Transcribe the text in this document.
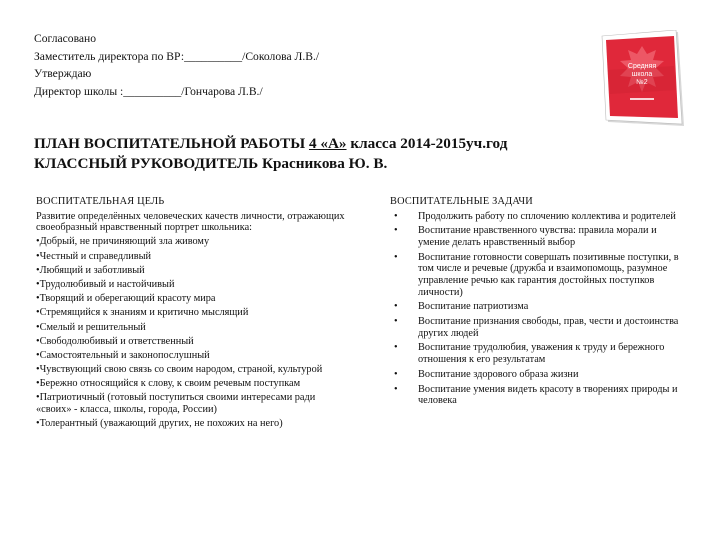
Согласовано
Заместитель директора по ВР:__________/Соколова Л.В./
Утверждаю
Директор школы :__________/Гончарова Л.В./
Средняя
школа
№2
ПЛАН ВОСПИТАТЕЛЬНОЙ РАБОТЫ 4 «А» класса 2014-2015уч.год
КЛАССНЫЙ РУКОВОДИТЕЛЬ Красникова Ю. В.
ВОСПИТАТЕЛЬНАЯ ЦЕЛЬ

Развитие определённых человеческих качеств личности, отражающих своеобразный нравственный портрет школьника:

•Добрый, не причиняющий зла живому

•Честный и справедливый

•Любящий и заботливый

•Трудолюбивый и настойчивый

•Творящий и оберегающий красоту мира

•Стремящийся к знаниям и критично мыслящий

•Смелый и решительный

•Свободолюбивый и ответственный

•Самостоятельный и законопослушный

•Чувствующий свою связь со своим народом, страной, культурой

•Бережно относящийся к слову, к своим речевым поступкам

•Патриотичный (готовый поступиться своими интересами ради «своих» - класса, школы, города, России)

•Толерантный (уважающий других, не похожих на него)

ВОСПИТАТЕЛЬНЫЕ ЗАДАЧИ
• Продолжить работу по сплочению коллектива и родителей
• Воспитание нравственного чувства: правила морали и умение делать нравственный выбор
• Воспитание готовности совершать позитивные поступки, в том числе и речевые (дружба и взаимопомощь, разумное управление речью как гарантия достойных поступков личности)
• Воспитание патриотизма
• Воспитание признания свободы, прав, чести и достоинства других людей
• Воспитание трудолюбия, уважения к труду и бережного отношения к его результатам
• Воспитание здорового образа жизни
• Воспитание умения видеть красоту в творениях природы и человека
